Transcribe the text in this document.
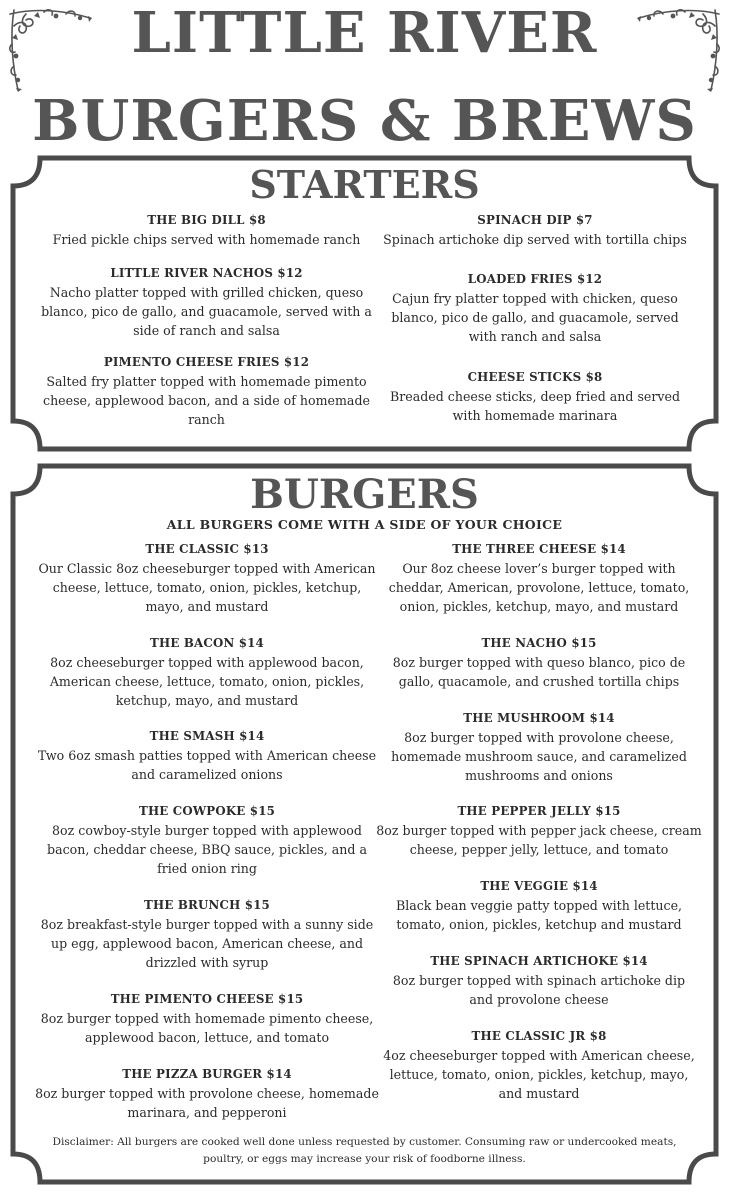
LITTLE RIVER
BURGERS & BREWS
STARTERS
THE BIG DILL $8
Fried pickle chips served with homemade ranch
LITTLE RIVER NACHOS $12
Nacho platter topped with grilled chicken, queso blanco, pico de gallo, and guacamole, served with a side of ranch and salsa
PIMENTO CHEESE FRIES $12
Salted fry platter topped with homemade pimento cheese, applewood bacon, and a side of homemade ranch
SPINACH DIP $7
Spinach artichoke dip served with tortilla chips
LOADED FRIES $12
Cajun fry platter topped with chicken, queso blanco, pico de gallo, and guacamole, served with ranch and salsa
CHEESE STICKS $8
Breaded cheese sticks, deep fried and served with homemade marinara
BURGERS
ALL BURGERS COME WITH A SIDE OF YOUR CHOICE
THE CLASSIC $13
Our Classic 8oz cheeseburger topped with American cheese, lettuce, tomato, onion, pickles, ketchup, mayo, and mustard
THE BACON $14
8oz cheeseburger topped with applewood bacon, American cheese, lettuce, tomato, onion, pickles, ketchup, mayo, and mustard
THE SMASH $14
Two 6oz smash patties topped with American cheese and caramelized onions
THE COWPOKE $15
8oz cowboy-style burger topped with applewood bacon, cheddar cheese, BBQ sauce, pickles, and a fried onion ring
THE BRUNCH $15
8oz breakfast-style burger topped with a sunny side up egg, applewood bacon, American cheese, and drizzled with syrup
THE PIMENTO CHEESE $15
8oz burger topped with homemade pimento cheese, applewood bacon, lettuce, and tomato
THE PIZZA BURGER $14
8oz burger topped with provolone cheese, homemade marinara, and pepperoni
THE THREE CHEESE $14
Our 8oz cheese lover’s burger topped with cheddar, American, provolone, lettuce, tomato, onion, pickles, ketchup, mayo, and mustard
THE NACHO $15
8oz burger topped with queso blanco, pico de gallo, quacamole, and crushed tortilla chips
THE MUSHROOM $14
8oz burger topped with provolone cheese, homemade mushroom sauce, and caramelized mushrooms and onions
THE PEPPER JELLY $15
8oz burger topped with pepper jack cheese, cream cheese, pepper jelly, lettuce, and tomato
THE VEGGIE $14
Black bean veggie patty topped with lettuce, tomato, onion, pickles, ketchup and mustard
THE SPINACH ARTICHOKE $14
8oz burger topped with spinach artichoke dip and provolone cheese
THE CLASSIC JR $8
4oz cheeseburger topped with American cheese, lettuce, tomato, onion, pickles, ketchup, mayo, and mustard
Disclaimer: All burgers are cooked well done unless requested by customer. Consuming raw or undercooked meats, poultry, or eggs may increase your risk of foodborne illness.
